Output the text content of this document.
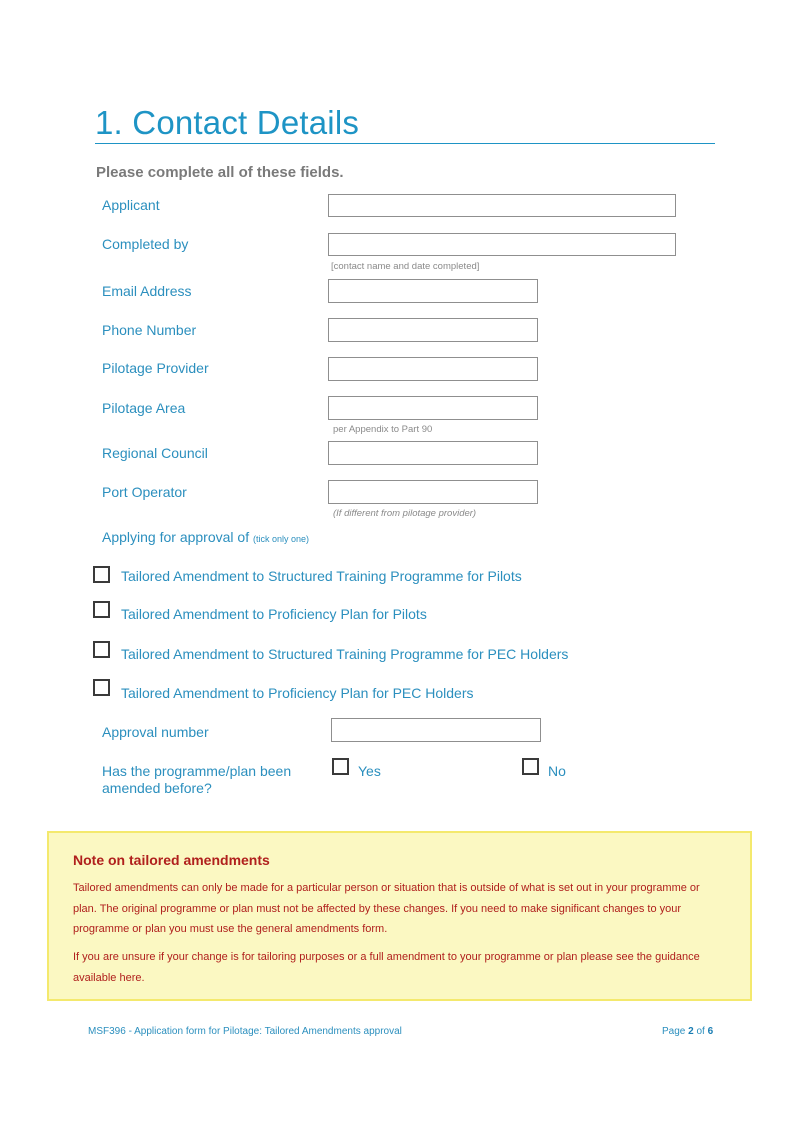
1. Contact Details
Please complete all of these fields.
Applicant
Completed by
[contact name and date completed]
Email Address
Phone Number
Pilotage Provider
Pilotage Area
per Appendix to Part 90
Regional Council
Port Operator
(If different from pilotage provider)
Applying for approval of (tick only one)
Tailored Amendment to Structured Training Programme for Pilots
Tailored Amendment to Proficiency Plan for Pilots
Tailored Amendment to Structured Training Programme for PEC Holders
Tailored Amendment to Proficiency Plan for PEC Holders
Approval number
Has the programme/plan been
amended before?
Yes	No
Note on tailored amendments
Tailored amendments can only be made for a particular person or situation that is outside of what is set out in your programme or
plan. The original programme or plan must not be affected by these changes. If you need to make significant changes to your
programme or plan you must use the general amendments form.
If you are unsure if your change is for tailoring purposes or a full amendment to your programme or plan please see the guidance
available here.
MSF396 - Application form for Pilotage: Tailored Amendments approval	Page 2 of 6
